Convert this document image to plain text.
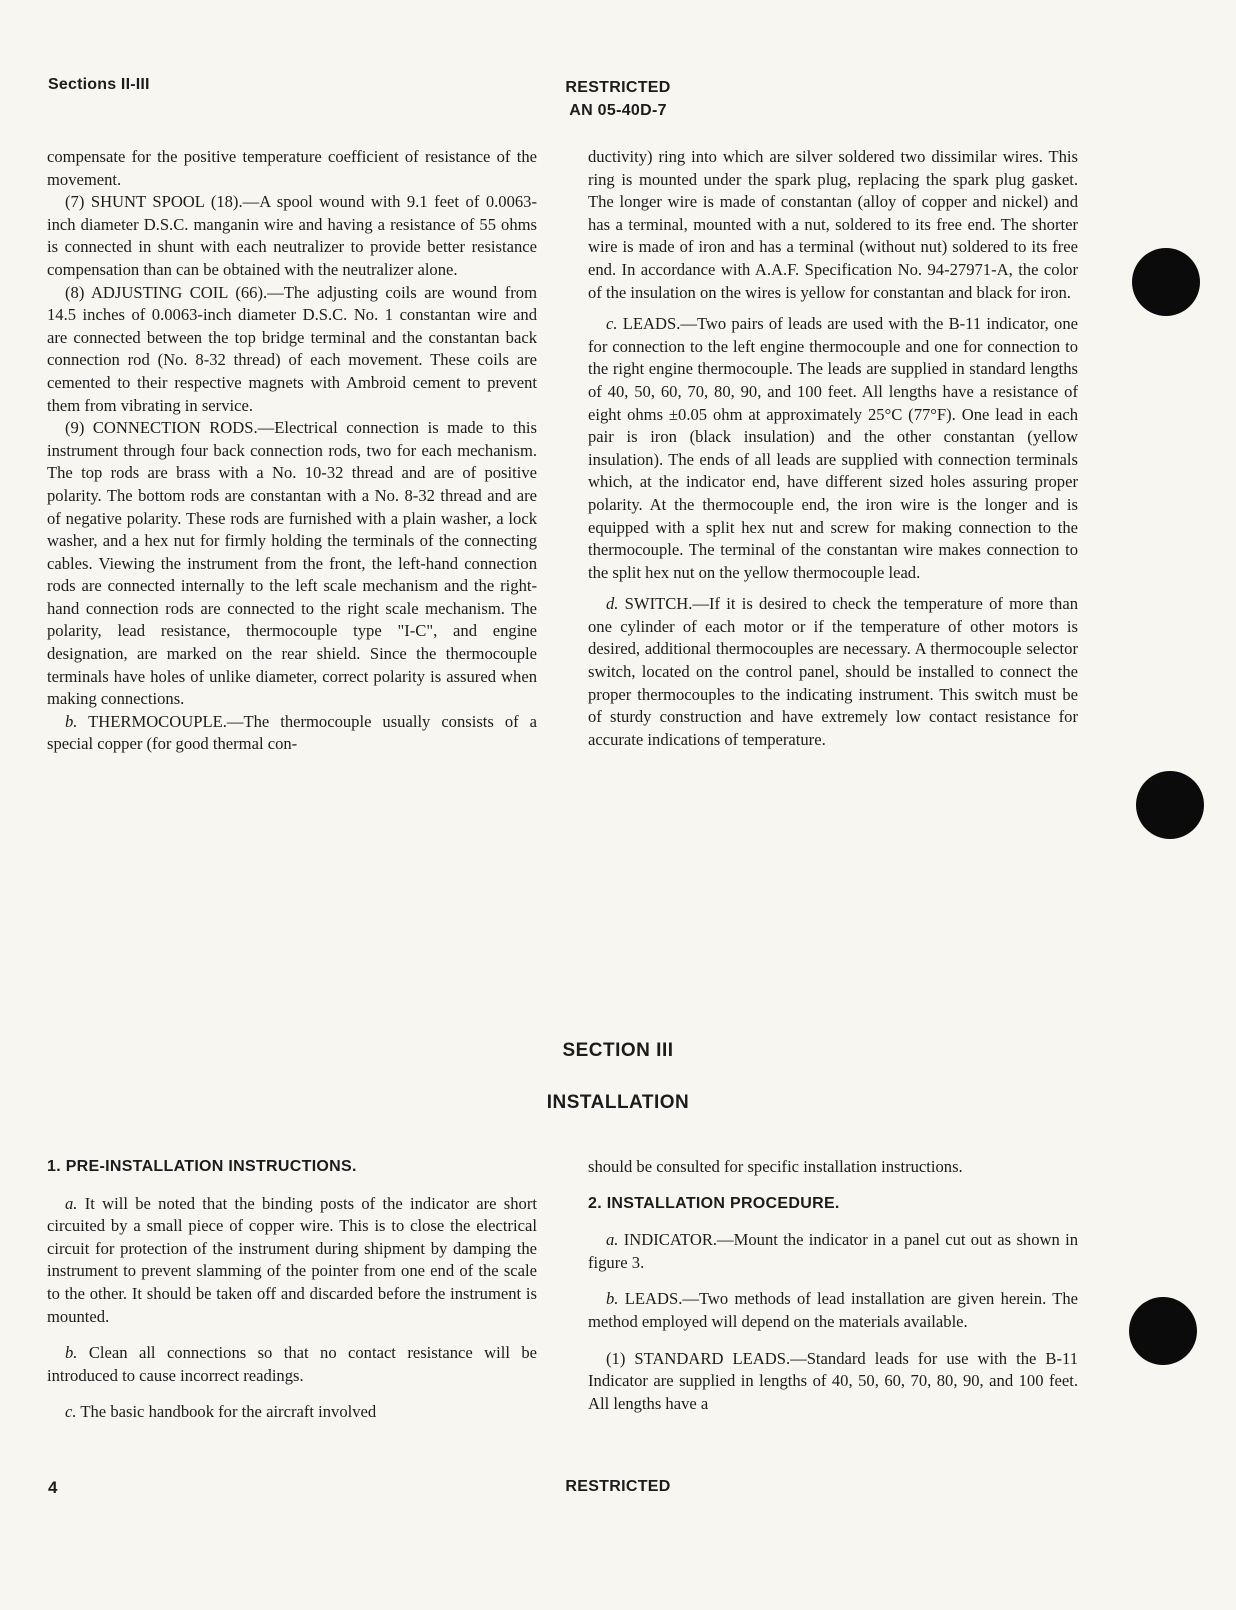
Sections II-III	RESTRICTED
AN 05-40D-7

compensate for the positive temperature coefficient of resistance of the movement.

(7) SHUNT SPOOL (18).—A spool wound with 9.1 feet of 0.0063-inch diameter D.S.C. manganin wire and having a resistance of 55 ohms is connected in shunt with each neutralizer to provide better resistance compensation than can be obtained with the neutralizer alone.

(8) ADJUSTING COIL (66).—The adjusting coils are wound from 14.5 inches of 0.0063-inch diameter D.S.C. No. 1 constantan wire and are connected between the top bridge terminal and the constantan back connection rod (No. 8-32 thread) of each movement. These coils are cemented to their respective magnets with Ambroid cement to prevent them from vibrating in service.

(9) CONNECTION RODS.—Electrical connection is made to this instrument through four back connection rods, two for each mechanism. The top rods are brass with a No. 10-32 thread and are of positive polarity. The bottom rods are constantan with a No. 8-32 thread and are of negative polarity. These rods are furnished with a plain washer, a lock washer, and a hex nut for firmly holding the terminals of the connecting cables. Viewing the instrument from the front, the left-hand connection rods are connected internally to the left scale mechanism and the right-hand connection rods are connected to the right scale mechanism. The polarity, lead resistance, thermocouple type "I-C", and engine designation, are marked on the rear shield. Since the thermocouple terminals have holes of unlike diameter, correct polarity is assured when making connections.

b. THERMOCOUPLE.—The thermocouple usually consists of a special copper (for good thermal con-

ductivity) ring into which are silver soldered two dissimilar wires. This ring is mounted under the spark plug, replacing the spark plug gasket. The longer wire is made of constantan (alloy of copper and nickel) and has a terminal, mounted with a nut, soldered to its free end. The shorter wire is made of iron and has a terminal (without nut) soldered to its free end. In accordance with A.A.F. Specification No. 94-27971-A, the color of the insulation on the wires is yellow for constantan and black for iron.

c. LEADS.—Two pairs of leads are used with the B-11 indicator, one for connection to the left engine thermocouple and one for connection to the right engine thermocouple. The leads are supplied in standard lengths of 40, 50, 60, 70, 80, 90, and 100 feet. All lengths have a resistance of eight ohms ±0.05 ohm at approximately 25°C (77°F). One lead in each pair is iron (black insulation) and the other constantan (yellow insulation). The ends of all leads are supplied with connection terminals which, at the indicator end, have different sized holes assuring proper polarity. At the thermocouple end, the iron wire is the longer and is equipped with a split hex nut and screw for making connection to the thermocouple. The terminal of the constantan wire makes connection to the split hex nut on the yellow thermocouple lead.

d. SWITCH.—If it is desired to check the temperature of more than one cylinder of each motor or if the temperature of other motors is desired, additional thermocouples are necessary. A thermocouple selector switch, located on the control panel, should be installed to connect the proper thermocouples to the indicating instrument. This switch must be of sturdy construction and have extremely low contact resistance for accurate indications of temperature.

SECTION III
INSTALLATION

1. PRE-INSTALLATION INSTRUCTIONS.

a. It will be noted that the binding posts of the indicator are short circuited by a small piece of copper wire. This is to close the electrical circuit for protection of the instrument during shipment by damping the instrument to prevent slamming of the pointer from one end of the scale to the other. It should be taken off and discarded before the instrument is mounted.

b. Clean all connections so that no contact resistance will be introduced to cause incorrect readings.

c. The basic handbook for the aircraft involved

should be consulted for specific installation instructions.

2. INSTALLATION PROCEDURE.

a. INDICATOR.—Mount the indicator in a panel cut out as shown in figure 3.

b. LEADS.—Two methods of lead installation are given herein. The method employed will depend on the materials available.

(1) STANDARD LEADS.—Standard leads for use with the B-11 Indicator are supplied in lengths of 40, 50, 60, 70, 80, 90, and 100 feet. All lengths have a

4	RESTRICTED
